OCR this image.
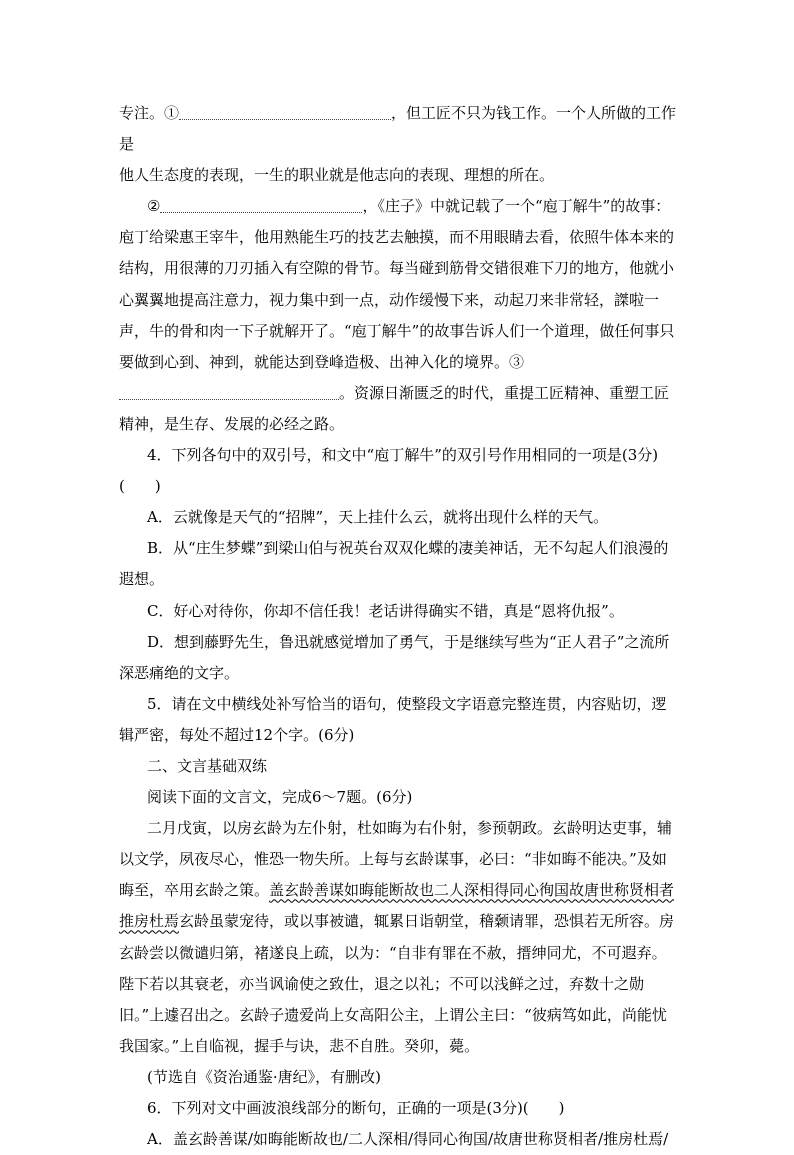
专注。①	，但工匠不只为钱工作。一个人所做的工作是

他人生态度的表现，一生的职业就是他志向的表现、理想的所在。

②	，《庄子》中就记载了一个“庖丁解牛”的故事：庖丁给梁惠王宰牛，他用熟能生巧的技艺去触摸，而不用眼睛去看，依照牛体本来的结构，用很薄的刀刃插入有空隙的骨节。每当碰到筋骨交错很难下刀的地方，他就小心翼翼地提高注意力，视力集中到一点，动作缓慢下来，动起刀来非常轻，謋啦一声，牛的骨和肉一下子就解开了。“庖丁解牛”的故事告诉人们一个道理，做任何事只要做到心到、神到，就能达到登峰造极、出神入化的境界。③。资源日渐匮乏的时代，重提工匠精神、重塑工匠精神，是生存、发展的必经之路。

4．下列各句中的双引号，和文中“庖丁解牛”的双引号作用相同的一项是(3分)(　　)

A．云就像是天气的“招牌”，天上挂什么云，就将出现什么样的天气。

B．从“庄生梦蝶”到梁山伯与祝英台双双化蝶的凄美神话，无不勾起人们浪漫的遐想。

C．好心对待你，你却不信任我！老话讲得确实不错，真是“恩将仇报”。

D．想到藤野先生，鲁迅就感觉增加了勇气，于是继续写些为“正人君子”之流所深恶痛绝的文字。

5．请在文中横线处补写恰当的语句，使整段文字语意完整连贯，内容贴切，逻辑严密，每处不超过12个字。(6分)

二、文言基础双练

阅读下面的文言文，完成6～7题。(6分)

二月戊寅，以房玄龄为左仆射，杜如晦为右仆射，参预朝政。玄龄明达吏事，辅以文学，夙夜尽心，惟恐一物失所。上每与玄龄谋事，必曰：“非如晦不能决。”及如晦至，卒用玄龄之策。盖玄龄善谋如晦能断故也二人深相得同心徇国故唐世称贤相者推房杜焉玄龄虽蒙宠待，或以事被谴，辄累日诣朝堂，稽颡请罪，恐惧若无所容。房玄龄尝以微谴归第，褚遂良上疏，以为：“自非有罪在不赦，搢绅同尤，不可遐弃。陛下若以其衰老，亦当讽谕使之致仕，退之以礼；不可以浅鲜之过，弃数十之勋旧。”上遽召出之。玄龄子遗爱尚上女高阳公主，上谓公主曰：“彼病笃如此，尚能忧我国家。”上自临视，握手与诀，悲不自胜。癸卯，薨。

(节选自《资治通鉴·唐纪》，有删改)

6．下列对文中画波浪线部分的断句，正确的一项是(3分)(　　)

A．盖玄龄善谋/如晦能断故也/二人深相/得同心徇国/故唐世称贤相者/推房杜焉/
